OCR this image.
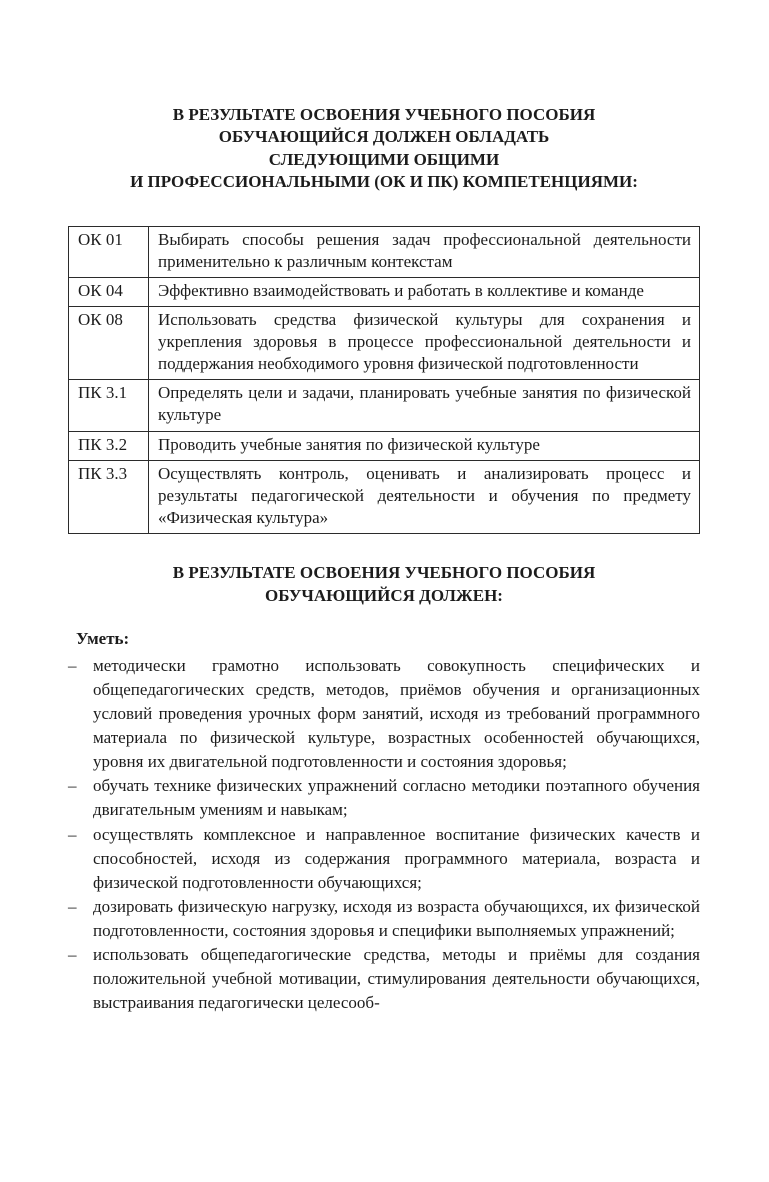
В РЕЗУЛЬТАТЕ ОСВОЕНИЯ УЧЕБНОГО ПОСОБИЯ
ОБУЧАЮЩИЙСЯ ДОЛЖЕН ОБЛАДАТЬ
СЛЕДУЮЩИМИ ОБЩИМИ
И ПРОФЕССИОНАЛЬНЫМИ (ОК И ПК) КОМПЕТЕНЦИЯМИ:
ОК 01	Выбирать способы решения задач профессиональной деятельности применительно к различным контекстам
ОК 04	Эффективно взаимодействовать и работать в коллективе и команде
ОК 08	Использовать средства физической культуры для сохранения и укрепления здоровья в процессе профессиональной деятельности и поддержания необходимого уровня физической подготовленности
ПК 3.1	Определять цели и задачи, планировать учебные занятия по физической культуре
ПК 3.2	Проводить учебные занятия по физической культуре
ПК 3.3	Осуществлять контроль, оценивать и анализировать процесс и результаты педагогической деятельности и обучения по предмету «Физическая культура»
В РЕЗУЛЬТАТЕ ОСВОЕНИЯ УЧЕБНОГО ПОСОБИЯ
ОБУЧАЮЩИЙСЯ ДОЛЖЕН:
Уметь:
– методически грамотно использовать совокупность специфических и общепедагогических средств, методов, приёмов обучения и организационных условий проведения урочных форм занятий, исходя из требований программного материала по физической культуре, возрастных особенностей обучающихся, уровня их двигательной подготовленности и состояния здоровья;
– обучать технике физических упражнений согласно методики поэтапного обучения двигательным умениям и навыкам;
– осуществлять комплексное и направленное воспитание физических качеств и способностей, исходя из содержания программного материала, возраста и физической подготовленности обучающихся;
– дозировать физическую нагрузку, исходя из возраста обучающихся, их физической подготовленности, состояния здоровья и специфики выполняемых упражнений;
– использовать общепедагогические средства, методы и приёмы для создания положительной учебной мотивации, стимулирования деятельности обучающихся, выстраивания педагогически целесооб-
